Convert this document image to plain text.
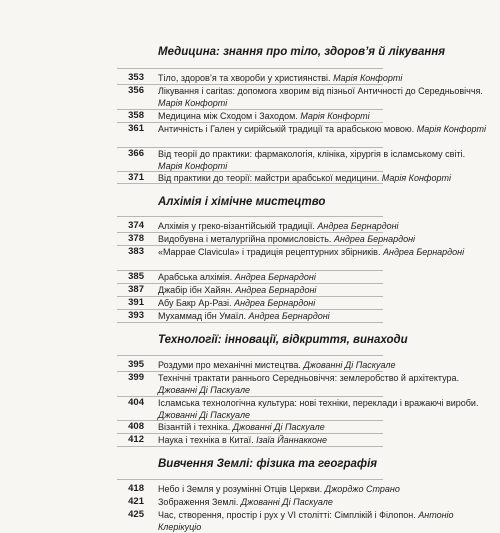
Медицина: знання про тіло, здоров’я й лікування
353 Тіло, здоров’я та хвороби у християнстві. Марія Конфорті
356 Лікування і caritas: допомога хворим від пізньої Античності до Середньовіччя. Марія Конфорті
358 Медицина між Сходом і Заходом. Марія Конфорті
361 Античність і Гален у сирійській традиції та арабською мовою. Марія Конфорті
366 Від теорії до практики: фармакологія, клініка, хірургія в ісламському світі. Марія Конфорті
371 Від практики до теорії: майстри арабської медицини. Марія Конфорті
Алхімія і хімічне мистецтво
374 Алхімія у греко-візантійській традиції. Андреа Бернардоні
378 Видобувна і металургійна промисловість. Андреа Бернардоні
383 «Mappae Clavicula» і традиція рецептурних збірників. Андреа Бернардоні
385 Арабська алхімія. Андреа Бернардоні
387 Джабір ібн Хайян. Андреа Бернардоні
391 Абу Бакр Ар-Разі. Андреа Бернардоні
393 Мухаммад ібн Умаїл. Андреа Бернардоні
Технології: інновації, відкриття, винаходи
395 Роздуми про механічні мистецтва. Джованні Ді Паскуале
399 Технічні трактати раннього Середньовіччя: землеробство й архітектура. Джованні Ді Паскуале
404 Ісламська технологічна культура: нові техніки, переклади і вражаючі вироби. Джованні Ді Паскуале
408 Візантій і техніка. Джованні Ді Паскуале
412 Наука і техніка в Китаї. Ізаїа Йаннакконе
Вивчення Землі: фізика та географія
418 Небо і Земля у розумінні Отців Церкви. Джорджо Страно
421 Зображення Землі. Джованні Ді Паскуале
425 Час, створення, простір і рух у VI столітті: Сімплікій і Філопон. Антоніо Клерікуціо
